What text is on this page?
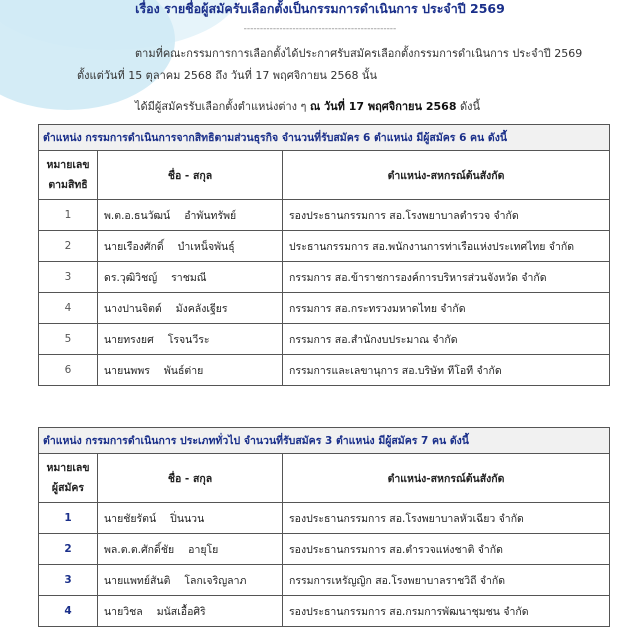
เรื่อง รายชื่อผู้สมัครับเลือกตั้งเป็นกรรมการดำเนินการ ประจำปี 2569
-----------------------------------------------
ตามที่คณะกรรมการการเลือกตั้งได้ประกาศรับสมัครเลือกตั้งกรรมการดำเนินการ ประจำปี 2569
ตั้งแต่วันที่ 15 ตุลาคม 2568 ถึง วันที่ 17 พฤศจิกายน 2568 นั้น
ได้มีผู้สมัครรับเลือกตั้งตำแหน่งต่าง ๆ ณ วันที่ 17 พฤศจิกายน 2568 ดังนี้
ตำแหน่ง กรรมการดำเนินการจากสิทธิตามส่วนธุรกิจ จำนวนที่รับสมัคร 6 ตำแหน่ง มีผู้สมัคร 6 คน ดังนี้		
หมายเลข
ตามสิทธิ	ชื่อ - สกุล	ตำแหน่ง-สหกรณ์ต้นสังกัด
1	พ.ต.อ.ธนวัฒน์ อำพันทรัพย์	รองประธานกรรมการ สอ.โรงพยาบาลตำรวจ จำกัด
2	นายเรืองศักดิ์ บำเหน็จพันธุ์	ประธานกรรมการ สอ.พนักงานการท่าเรือแห่งประเทศไทย จำกัด
3	ดร.วุฒิวิชญ์ ราชมณี	กรรมการ สอ.ข้าราชการองค์การบริหารส่วนจังหวัด จำกัด
4	นางปานจิตต์ มังคลังเฐียร	กรรมการ สอ.กระทรวงมหาดไทย จำกัด
5	นายทรงยศ โรจนวีระ	กรรมการ สอ.สำนักงบประมาณ จำกัด
6	นายนพพร พันธ์ต่าย	กรรมการและเลขานุการ สอ.บริษัท ทีโอที จำกัด
ตำแหน่ง กรรมการดำเนินการ ประเภททั่วไป จำนวนที่รับสมัคร 3 ตำแหน่ง มีผู้สมัคร 7 คน ดังนี้		
หมายเลข
ผู้สมัคร	ชื่อ - สกุล	ตำแหน่ง-สหกรณ์ต้นสังกัด
1	นายชัยรัตน์ ปิ่นนวน	รองประธานกรรมการ สอ.โรงพยาบาลหัวเฉียว จำกัด
2	พล.ต.ต.ศักดิ์ชัย อายุโย	รองประธานกรรมการ สอ.ตำรวจแห่งชาติ จำกัด
3	นายแพทย์สันติ โลกเจริญลาภ	กรรมการเหรัญญิก สอ.โรงพยาบาลราชวิถี จำกัด
4	นายวิชล มนัสเอื้อศิริ	รองประธานกรรมการ สอ.กรมการพัฒนาชุมชน จำกัด
